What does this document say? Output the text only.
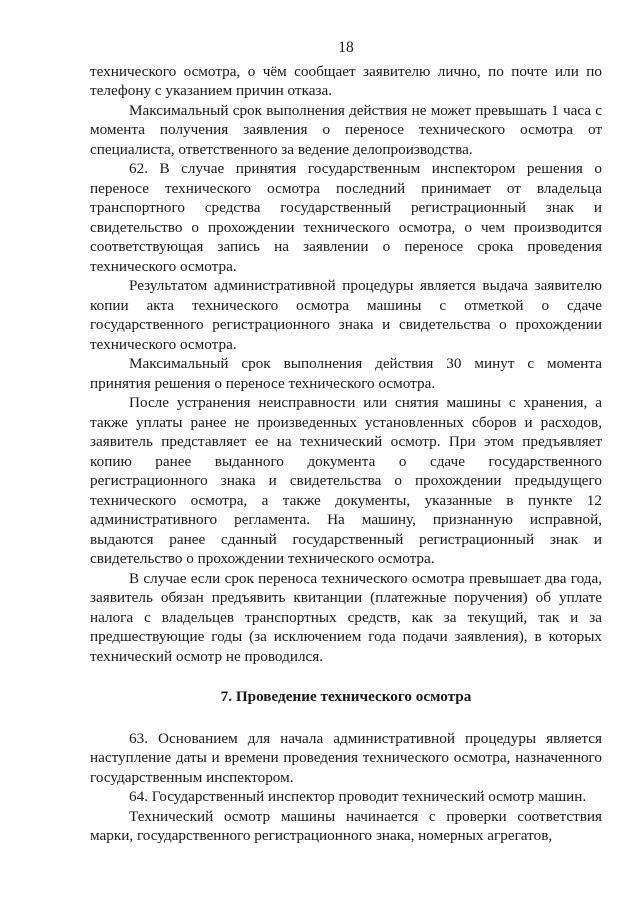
18

технического осмотра, о чём сообщает заявителю лично, по почте или по телефону с указанием причин отказа.

Максимальный срок выполнения действия не может превышать 1 часа с момента получения заявления о переносе технического осмотра от специалиста, ответственного за ведение делопроизводства.

62. В случае принятия государственным инспектором решения о переносе технического осмотра последний принимает от владельца транспортного средства государственный регистрационный знак и свидетельство о прохождении технического осмотра, о чем производится соответствующая запись на заявлении о переносе срока проведения технического осмотра.

Результатом административной процедуры является выдача заявителю копии акта технического осмотра машины с отметкой о сдаче государственного регистрационного знака и свидетельства о прохождении технического осмотра.

Максимальный срок выполнения действия 30 минут с момента принятия решения о переносе технического осмотра.

После устранения неисправности или снятия машины с хранения, а также уплаты ранее не произведенных установленных сборов и расходов, заявитель представляет ее на технический осмотр. При этом предъявляет копию ранее выданного документа о сдаче государственного регистрационного знака и свидетельства о прохождении предыдущего технического осмотра, а также документы, указанные в пункте 12 административного регламента. На машину, признанную исправной, выдаются ранее сданный государственный регистрационный знак и свидетельство о прохождении технического осмотра.

В случае если срок переноса технического осмотра превышает два года, заявитель обязан предъявить квитанции (платежные поручения) об уплате налога с владельцев транспортных средств, как за текущий, так и за предшествующие годы (за исключением года подачи заявления), в которых технический осмотр не проводился.

7. Проведение технического осмотра

63. Основанием для начала административной процедуры является наступление даты и времени проведения технического осмотра, назначенного государственным инспектором.

64. Государственный инспектор проводит технический осмотр машин.

Технический осмотр машины начинается с проверки соответствия марки, государственного регистрационного знака, номерных агрегатов,
